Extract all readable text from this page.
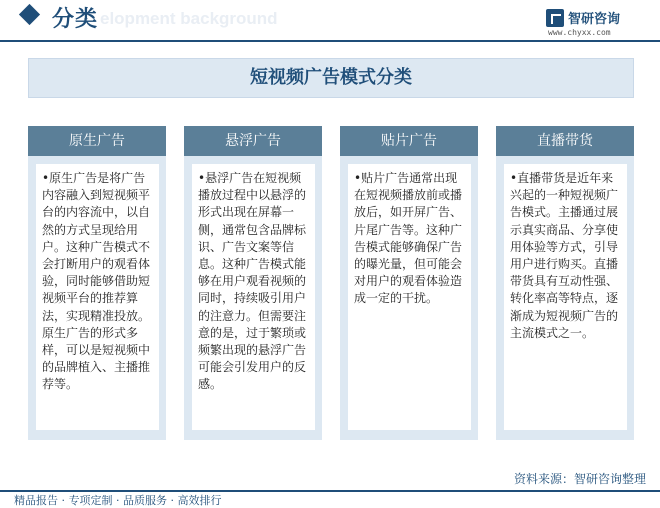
分类 elopment background	智研咨询
www.chyxx.com
短视频广告模式分类
原生广告
•原生广告是将广告内容融入到短视频平台的内容流中，以自然的方式呈现给用户。这种广告模式不会打断用户的观看体验，同时能够借助短视频平台的推荐算法，实现精准投放。原生广告的形式多样，可以是短视频中的品牌植入、主播推荐等。
悬浮广告
•悬浮广告在短视频播放过程中以悬浮的形式出现在屏幕一侧，通常包含品牌标识、广告文案等信息。这种广告模式能够在用户观看视频的同时，持续吸引用户的注意力。但需要注意的是，过于繁琐或频繁出现的悬浮广告可能会引发用户的反感。
贴片广告
•贴片广告通常出现在短视频播放前或播放后，如开屏广告、片尾广告等。这种广告模式能够确保广告的曝光量，但可能会对用户的观看体验造成一定的干扰。
直播带货
•直播带货是近年来兴起的一种短视频广告模式。主播通过展示真实商品、分享使用体验等方式，引导用户进行购买。直播带货具有互动性强、转化率高等特点，逐渐成为短视频广告的主流模式之一。
资料来源：智研咨询整理
精品报告 · 专项定制 · 品质服务 · 高效排行
